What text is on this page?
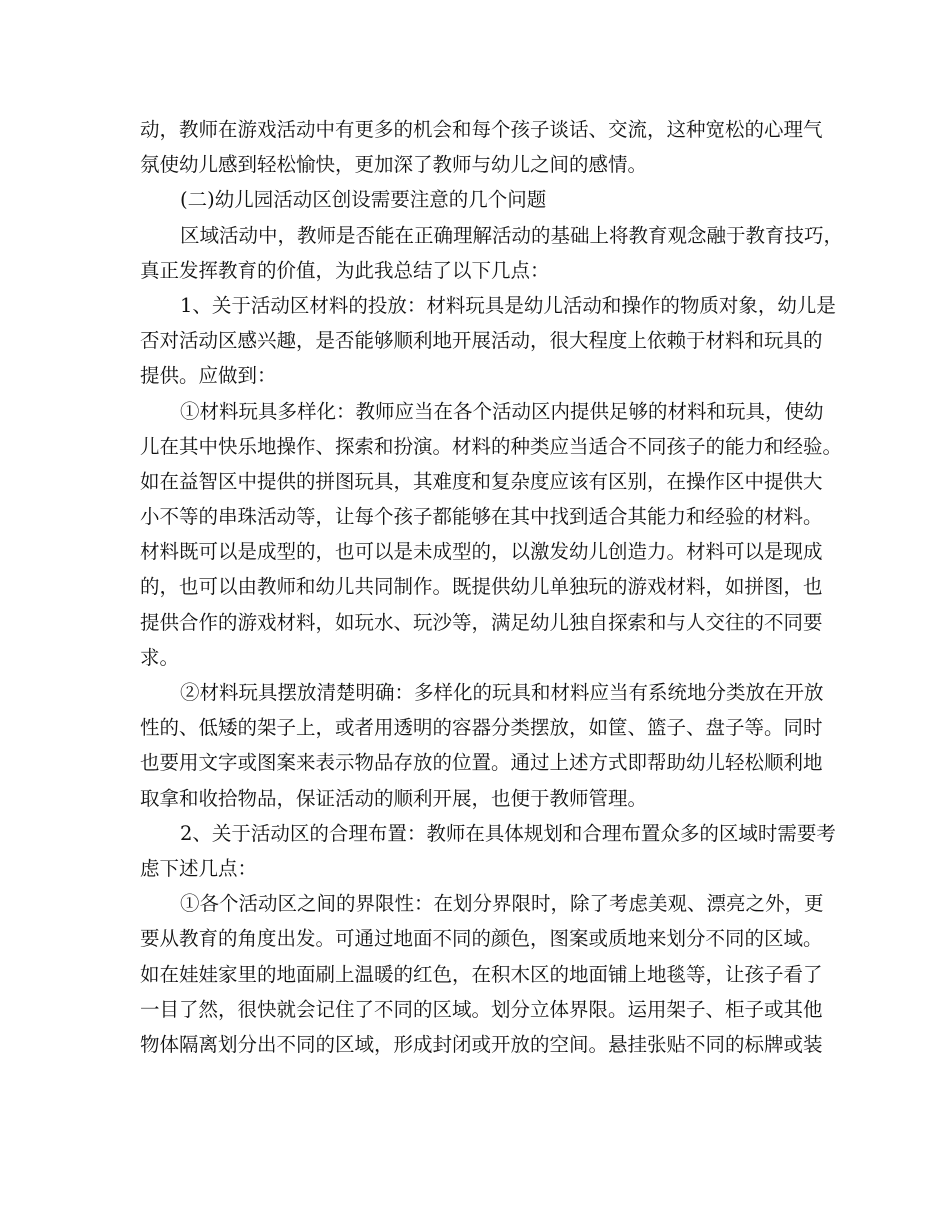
动，教师在游戏活动中有更多的机会和每个孩子谈话、交流，这种宽松的心理气
氛使幼儿感到轻松愉快，更加深了教师与幼儿之间的感情。
(二)幼儿园活动区创设需要注意的几个问题
区域活动中，教师是否能在正确理解活动的基础上将教育观念融于教育技巧，
真正发挥教育的价值，为此我总结了以下几点：
1、关于活动区材料的投放：材料玩具是幼儿活动和操作的物质对象，幼儿是
否对活动区感兴趣，是否能够顺利地开展活动，很大程度上依赖于材料和玩具的
提供。应做到：
①材料玩具多样化：教师应当在各个活动区内提供足够的材料和玩具，使幼
儿在其中快乐地操作、探索和扮演。材料的种类应当适合不同孩子的能力和经验。
如在益智区中提供的拼图玩具，其难度和复杂度应该有区别，在操作区中提供大
小不等的串珠活动等，让每个孩子都能够在其中找到适合其能力和经验的材料。
材料既可以是成型的，也可以是未成型的，以激发幼儿创造力。材料可以是现成
的，也可以由教师和幼儿共同制作。既提供幼儿单独玩的游戏材料，如拼图，也
提供合作的游戏材料，如玩水、玩沙等，满足幼儿独自探索和与人交往的不同要
求。
②材料玩具摆放清楚明确：多样化的玩具和材料应当有系统地分类放在开放
性的、低矮的架子上，或者用透明的容器分类摆放，如筐、篮子、盘子等。同时
也要用文字或图案来表示物品存放的位置。通过上述方式即帮助幼儿轻松顺利地
取拿和收拾物品，保证活动的顺利开展，也便于教师管理。
2、关于活动区的合理布置：教师在具体规划和合理布置众多的区域时需要考
虑下述几点：
①各个活动区之间的界限性：在划分界限时，除了考虑美观、漂亮之外，更
要从教育的角度出发。可通过地面不同的颜色，图案或质地来划分不同的区域。
如在娃娃家里的地面刷上温暖的红色，在积木区的地面铺上地毯等，让孩子看了
一目了然，很快就会记住了不同的区域。划分立体界限。运用架子、柜子或其他
物体隔离划分出不同的区域，形成封闭或开放的空间。悬挂张贴不同的标牌或装
